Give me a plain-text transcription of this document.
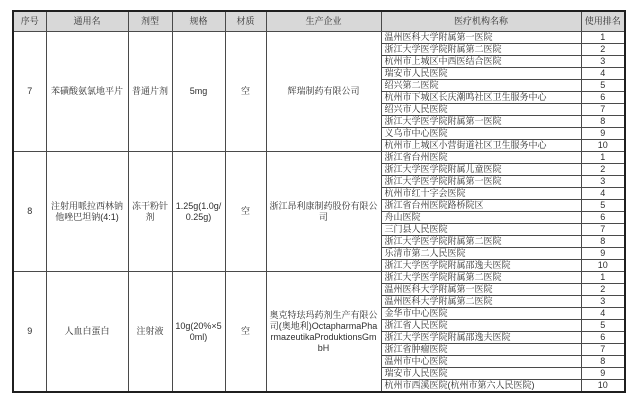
序号	通用名	剂型	规格	材质	生产企业	医疗机构名称	使用排名
7	苯磺酸氨氯地平片	普通片剂	5mg	空	辉瑞制药有限公司	温州医科大学附属第一医院	1
						浙江大学医学院附属第二医院	2
						杭州市上城区中西医结合医院	3
						瑞安市人民医院	4
						绍兴第二医院	5
						杭州市下城区长庆潮鸣社区卫生服务中心	6
						绍兴市人民医院	7
						浙江大学医学院附属第一医院	8
						义乌市中心医院	9
						杭州市上城区小营街道社区卫生服务中心	10
8	注射用哌拉西林钠他唑巴坦钠(4:1)	冻干粉针剂	1.25g(1.0g/0.25g)	空	浙江昂利康制药股份有限公司	浙江省台州医院	1
						浙江大学医学院附属儿童医院	2
						浙江大学医学院附属第一医院	3
						杭州市红十字会医院	4
						浙江省台州医院路桥院区	5
						舟山医院	6
						三门县人民医院	7
						浙江大学医学院附属第二医院	8
						乐清市第二人民医院	9
						浙江大学医学院附属邵逸夫医院	10
9	人血白蛋白	注射液	10g(20%×50ml)	空	奥克特珐玛药剂生产有限公司(奥地利)OctapharmaPharmazeutikaProduktionsGmbH	浙江大学医学院附属第二医院	1
						温州医科大学附属第一医院	2
						温州医科大学附属第二医院	3
						金华市中心医院	4
						浙江省人民医院	5
						浙江大学医学院附属邵逸夫医院	6
						浙江省肿瘤医院	7
						温州市中心医院	8
						瑞安市人民医院	9
						杭州市西溪医院(杭州市第六人民医院)	10
